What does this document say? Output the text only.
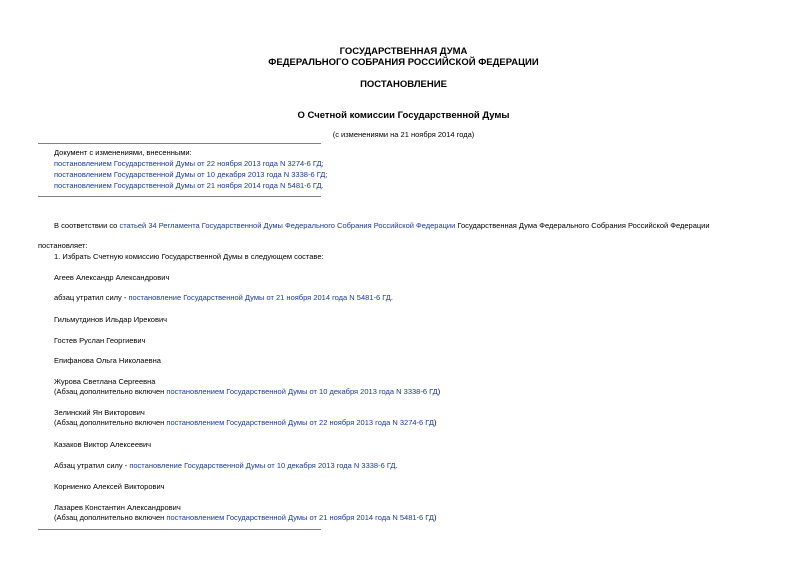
ГОСУДАРСТВЕННАЯ ДУМА
ФЕДЕРАЛЬНОГО СОБРАНИЯ РОССИЙСКОЙ ФЕДЕРАЦИИ
ПОСТАНОВЛЕНИЕ
О Счетной комиссии Государственной Думы
(с изменениями на 21 ноября 2014 года)
Документ с изменениями, внесенными:
постановлением Государственной Думы от 22 ноября 2013 года N 3274-6 ГД;
постановлением Государственной Думы от 10 декабря 2013 года N 3338-6 ГД;
постановлением Государственной Думы от 21 ноября 2014 года N 5481-6 ГД.
В соответствии со статьей 34 Регламента Государственной Думы Федерального Собрания Российской Федерации Государственная Дума Федерального Собрания Российской Федерации
постановляет:
1. Избрать Счетную комиссию Государственной Думы в следующем составе:
Агеев Александр Александрович
абзац утратил силу - постановление Государственной Думы от 21 ноября 2014 года N 5481-6 ГД.
Гильмутдинов Ильдар Ирекович
Гостев Руслан Георгиевич
Епифанова Ольга Николаевна
Журова Светлана Сергеевна
(Абзац дополнительно включен постановлением Государственной Думы от 10 декабря 2013 года N 3338-6 ГД)
Зелинский Ян Викторович
(Абзац дополнительно включен постановлением Государственной Думы от 22 ноября 2013 года N 3274-6 ГД)
Казаков Виктор Алексеевич
Абзац утратил силу - постановление Государственной Думы от 10 декабря 2013 года N 3338-6 ГД.
Корниенко Алексей Викторович
Лазарев Константин Александрович
(Абзац дополнительно включен постановлением Государственной Думы от 21 ноября 2014 года N 5481-6 ГД)
